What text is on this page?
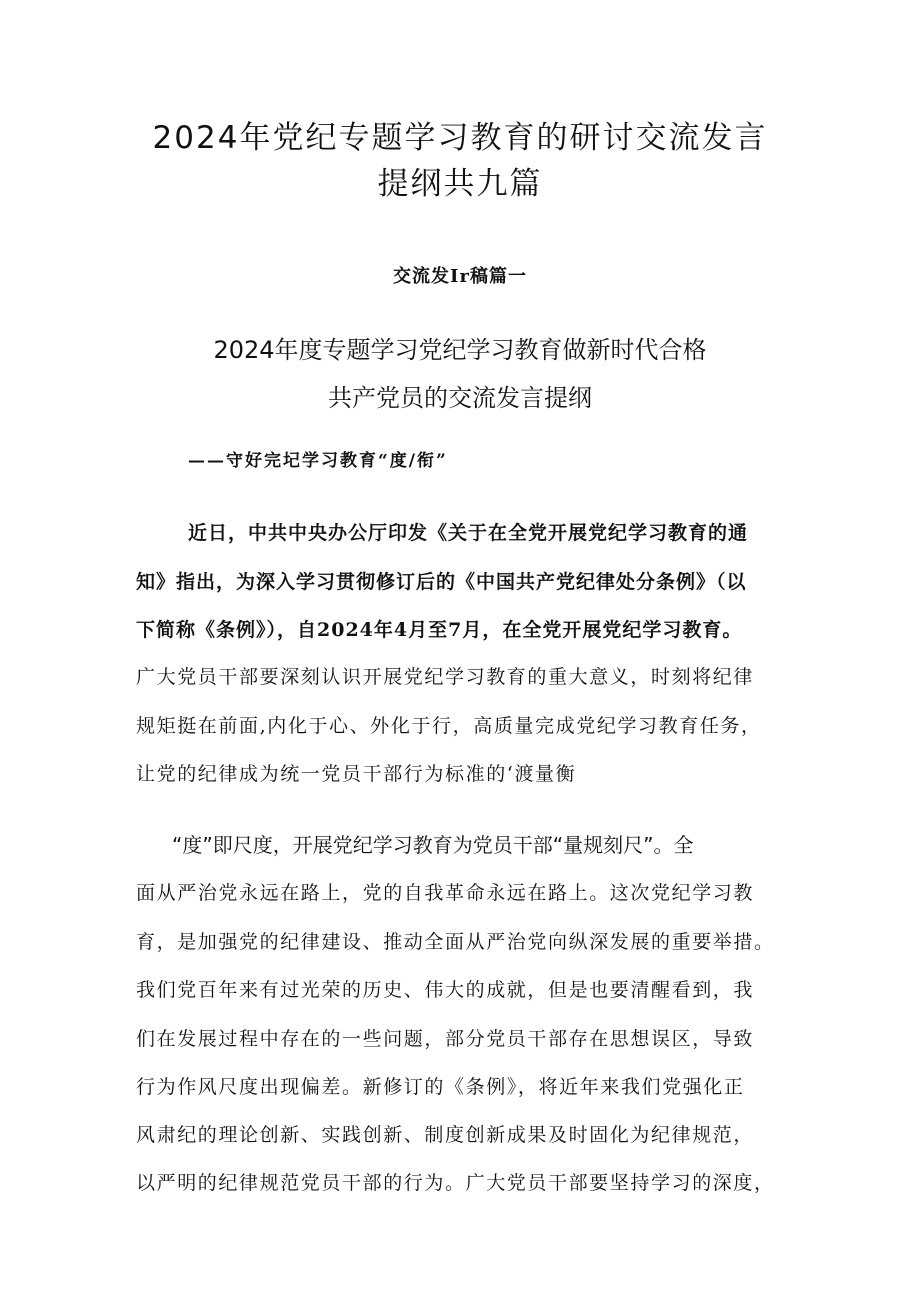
2024年党纪专题学习教育的研讨交流发言
提纲共九篇
交流发Ir稿篇一
2024年度专题学习党纪学习教育做新时代合格
共产党员的交流发言提纲
——守好完圮学习教育“度/衔”
近日，中共中央办公厅印发《关于在全党开展党纪学习教育的通
知》指出，为深入学习贯彻修订后的《中国共产党纪律处分条例》（以
下简称《条例》），自2024年4月至7月，在全党开展党纪学习教育。
广大党员干部要深刻认识开展党纪学习教育的重大意义，时刻将纪律
规矩挺在前面,内化于心、外化于行，高质量完成党纪学习教育任务，
让党的纪律成为统一党员干部行为标准的‘渡量衡
“度”即尺度，开展党纪学习教育为党员干部“量规刻尺”。全
面从严治党永远在路上，党的自我革命永远在路上。这次党纪学习教
育，是加强党的纪律建设、推动全面从严治党向纵深发展的重要举措。
我们党百年来有过光荣的历史、伟大的成就，但是也要清醒看到，我
们在发展过程中存在的一些问题，部分党员干部存在思想误区，导致
行为作风尺度出现偏差。新修订的《条例》，将近年来我们党强化正
风肃纪的理论创新、实践创新、制度创新成果及时固化为纪律规范，
以严明的纪律规范党员干部的行为。广大党员干部要坚持学习的深度，
